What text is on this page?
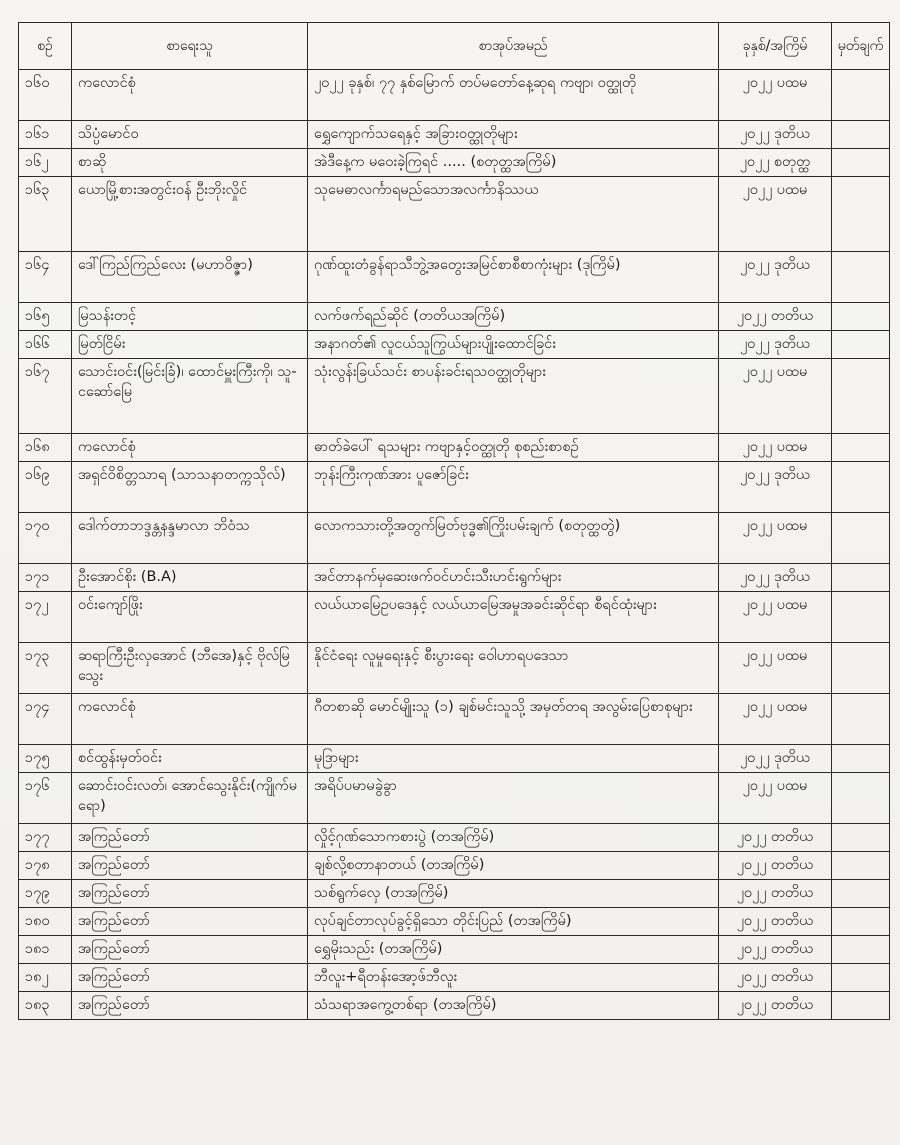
စဉ်	စာရေးသူ	စာအုပ်အမည်	ခုနှစ်/အကြိမ်	မှတ်ချက်
၁၆၀	ကလောင်စုံ	၂၀၂၂ ခုနှစ်၊ ၇၇ နှစ်မြောက် တပ်မတော်နေ့ဆုရ ကဗျာ၊ ဝတ္ထုတို	၂၀၂၂ ပထမ	
၁၆၁	သိပ္ပံမောင်ဝ	ရွှေကျောက်သရေနှင့် အခြားဝတ္ထုတိုများ	၂၀၂၂ ဒုတိယ	
၁၆၂	စာဆို	အဲဒီနေ့က မဝေးခဲ့ကြရင် ..... (စတုတ္ထအကြိမ်)	၂၀၂၂ စတုတ္ထ	
၁၆၃	ယောမြို့စားအတွင်းဝန် ဦးဘိုးလှိုင်	သုမေဓာလင်္ကာရမည်သောအလင်္ကာနိဿယ	၂၀၂၂ ပထမ	
၁၆၄	ဒေါ်ကြည်ကြည်လေး (မဟာဝိဇ္ဇာ)	ဂုဏ်ထူးတံခွန်ရာသီဘွဲ့အတွေးအမြင်စာစီစာကုံးများ (ဒုကြိမ်)	၂၀၂၂ ဒုတိယ	
၁၆၅	မြသန်းတင့်	လက်ဖက်ရည်ဆိုင် (တတိယအကြိမ်)	၂၀၂၂ တတိယ	
၁၆၆	မြတ်ငြိမ်း	အနာဂတ်၏ လူငယ်သူကြွယ်များပျိုးထောင်ခြင်း	၂၀၂၂ ဒုတိယ	
၁၆၇	သောင်းဝင်း(မြင်းခြံ)၊ ထောင်မှူးကြီးကို၊ သူ-ငဆော်မြေ	သုံးလွန်းခြယ်သင်း စာပန်းခင်းရသဝတ္ထုတိုများ	၂၀၂၂ ပထမ	
၁၆၈	ကလောင်စုံ	ဓာတ်ခဲပေါ် ရသများ ကဗျာနှင့်ဝတ္ထုတို စုစည်းစာစဉ်	၂၀၂၂ ပထမ	
၁၆၉	အရှင်ဝိစိတ္တသာရ (သာသနာတက္ကသိုလ်)	ဘုန်းကြီးကုဏ်အား ပူဇော်ခြင်း	၂၀၂၂ ဒုတိယ	
၁၇၀	ဒေါက်တာဘဒ္ဒန္တနန္ဒမာလာ ဘိဝံသ	လောကသားတို့အတွက်မြတ်ဗုဒ္ဓ၏ကြိုးပမ်းချက် (စတုတ္ထတွဲ)	၂၀၂၂ ပထမ	
၁၇၁	ဦးအောင်စိုး (B.A)	အင်တာနက်မှဆေးဖက်ဝင်ဟင်းသီးဟင်းရွက်များ	၂၀၂၂ ဒုတိယ	
၁၇၂	ဝင်းကျော်ဖြိုး	လယ်ယာမြေဥပဒေနှင့် လယ်ယာမြေအမှုအခင်းဆိုင်ရာ စီရင်ထုံးများ	၂၀၂၂ ပထမ	
၁၇၃	ဆရာကြီးဦးလှအောင် (ဘီအေ)နှင့် ဗိုလ်မြသွေး	နိုင်ငံရေး လူမှုရေးနှင့် စီးပွားရေး ဝေါဟာရပဒေသာ	၂၀၂၂ ပထမ	
၁၇၄	ကလောင်စုံ	ဂီတစာဆို မောင်မျိုးသူ (၁) ချစ်မင်းသူသို့ အမှတ်တရ အလွမ်းပြေစာစုများ	၂၀၂၂ ပထမ	
၁၇၅	စင်ထွန်းမှတ်ဝင်း	မုဒြာများ	၂၀၂၂ ဒုတိယ	
၁၇၆	ဆောင်းဝင်းလတ်၊ အောင်သွေးနိုင်း(ကျိုက်မရော)	အရိပ်ပမာမခွဲခွာ	၂၀၂၂ ပထမ	
၁၇၇	အကြည်တော်	လှိုင့်ဂုဏ်သောကစားပွဲ (တအကြိမ်)	၂၀၂၂ တတိယ	
၁၇၈	အကြည်တော်	ချစ်လို့စတာနာတယ် (တအကြိမ်)	၂၀၂၂ တတိယ	
၁၇၉	အကြည်တော်	သစ်ရွက်လှေ (တအကြိမ်)	၂၀၂၂ တတိယ	
၁၈၀	အကြည်တော်	လုပ်ချင်တာလုပ်ခွင့်ရှိသော တိုင်းပြည် (တအကြိမ်)	၂၀၂၂ တတိယ	
၁၈၁	အကြည်တော်	ရွှေမိုးသည်း (တအကြိမ်)	၂၀၂၂ တတိယ	
၁၈၂	အကြည်တော်	ဘီလူး+ရီတန်းအော့ဖ်ဘီလူး	၂၀၂၂ တတိယ	
၁၈၃	အကြည်တော်	သံသရာအကွေ့တစ်ရာ (တအကြိမ်)	၂၀၂၂ တတိယ	
